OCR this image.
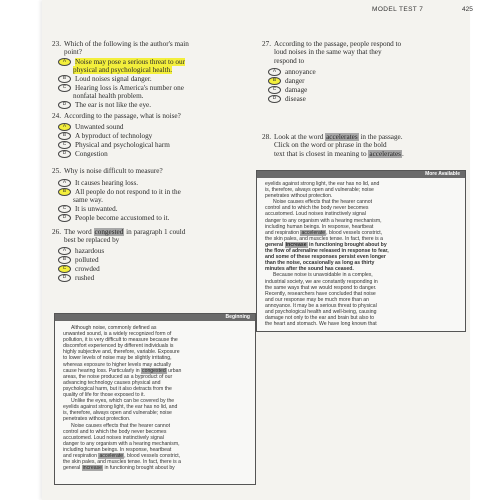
MODEL TEST 7	425
23. Which of the following is the author's main
point?
A Noise may pose a serious threat to our
physical and psychological health.
B Loud noises signal danger.
C Hearing loss is America's number one
nonfatal health problem.
D The ear is not like the eye.
24. According to the passage, what is noise?
A Unwanted sound
B A byproduct of technology
C Physical and psychological harm
D Congestion
25. Why is noise difficult to measure?
A It causes hearing loss.
B All people do not respond to it in the
same way.
C It is unwanted.
D People become accustomed to it.
26. The word congested in paragraph 1 could
best be replaced by
A hazardous
B polluted
C crowded
D rushed
27. According to the passage, people respond to
loud noises in the same way that they
respond to
A annoyance
B danger
C damage
D disease
28. Look at the word accelerates in the passage.
Click on the word or phrase in the bold
text that is closest in meaning to accelerates.
More Available
eyelids against strong light, the ear has no lid, and
is, therefore, always open and vulnerable; noise
penetrates without protection.
Noise causes effects that the hearer cannot
control and to which the body never becomes
accustomed. Loud noises instinctively signal
danger to any organism with a hearing mechanism,
including human beings. In response, heartbeat
and respiration accelerate, blood vessels constrict,
the skin pales, and muscles tense. In fact, there is a
general increase in functioning brought about by
the flow of adrenaline released in response to fear,
and some of these responses persist even longer
than the noise, occasionally as long as thirty
minutes after the sound has ceased.
Because noise is unavoidable in a complex,
industrial society, we are constantly responding in
the same ways that we would respond to danger.
Recently, researchers have concluded that noise
and our response may be much more than an
annoyance. It may be a serious threat to physical
and psychological health and well-being, causing
damage not only to the ear and brain but also to
the heart and stomach. We have long known that
Beginning
Although noise, commonly defined as
unwanted sound, is a widely recognized form of
pollution, it is very difficult to measure because the
discomfort experienced by different individuals is
highly subjective and, therefore, variable. Exposure
to lower levels of noise may be slightly irritating,
whereas exposure to higher levels may actually
cause hearing loss. Particularly in congested urban
areas, the noise produced as a byproduct of our
advancing technology causes physical and
psychological harm, but it also detracts from the
quality of life for those exposed to it.
Unlike the eyes, which can be covered by the
eyelids against strong light, the ear has no lid, and
is, therefore, always open and vulnerable; noise
penetrates without protection.
Noise causes effects that the hearer cannot
control and to which the body never becomes
accustomed. Loud noises instinctively signal
danger to any organism with a hearing mechanism,
including human beings. In response, heartbeat
and respiration accelerate, blood vessels constrict,
the skin pales, and muscles tense. In fact, there is a
general increase in functioning brought about by
